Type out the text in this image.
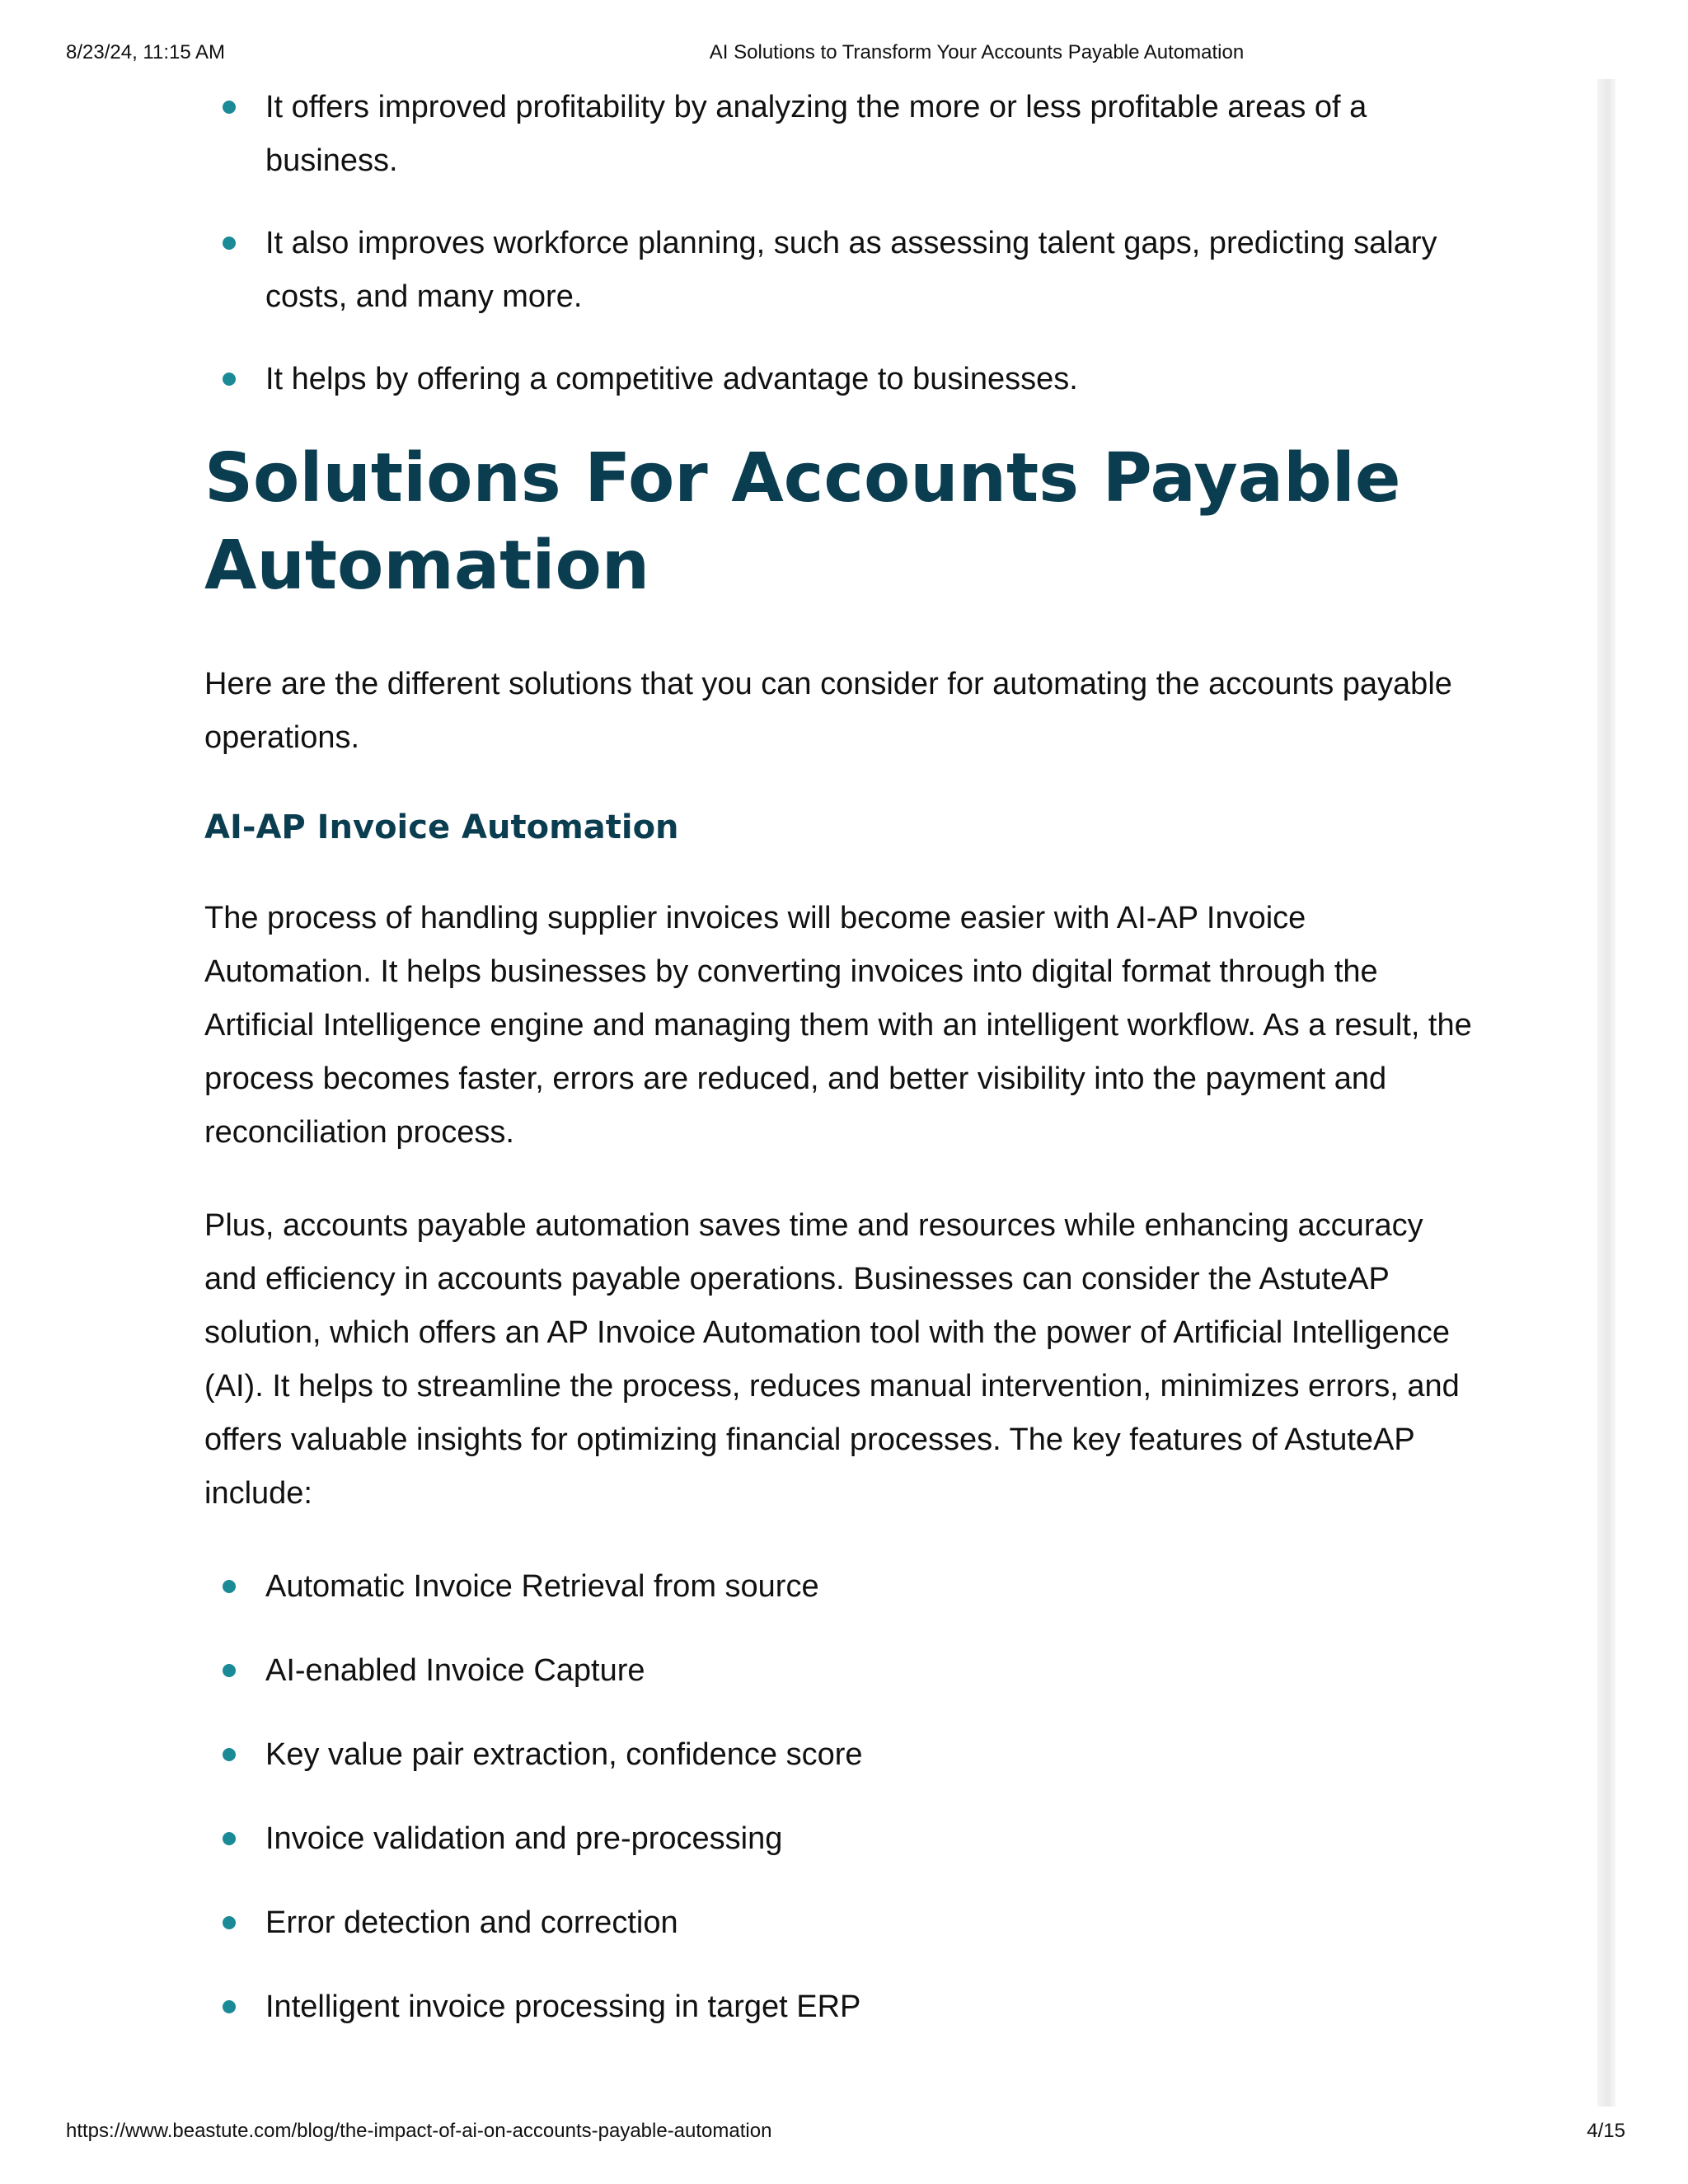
8/23/24, 11:15 AM	AI Solutions to Transform Your Accounts Payable Automation
It offers improved profitability by analyzing the more or less profitable areas of a business.
It also improves workforce planning, such as assessing talent gaps, predicting salary costs, and many more.
It helps by offering a competitive advantage to businesses.
Solutions For Accounts Payable Automation

Here are the different solutions that you can consider for automating the accounts payable operations.

AI-AP Invoice Automation

The process of handling supplier invoices will become easier with AI-AP Invoice Automation. It helps businesses by converting invoices into digital format through the Artificial Intelligence engine and managing them with an intelligent workflow. As a result, the process becomes faster, errors are reduced, and better visibility into the payment and reconciliation process.

Plus, accounts payable automation saves time and resources while enhancing accuracy and efficiency in accounts payable operations. Businesses can consider the AstuteAP solution, which offers an AP Invoice Automation tool with the power of Artificial Intelligence (AI). It helps to streamline the process, reduces manual intervention, minimizes errors, and offers valuable insights for optimizing financial processes. The key features of AstuteAP include:

Automatic Invoice Retrieval from source
AI-enabled Invoice Capture
Key value pair extraction, confidence score
Invoice validation and pre-processing
Error detection and correction
Intelligent invoice processing in target ERP
https://www.beastute.com/blog/the-impact-of-ai-on-accounts-payable-automation	4/15
